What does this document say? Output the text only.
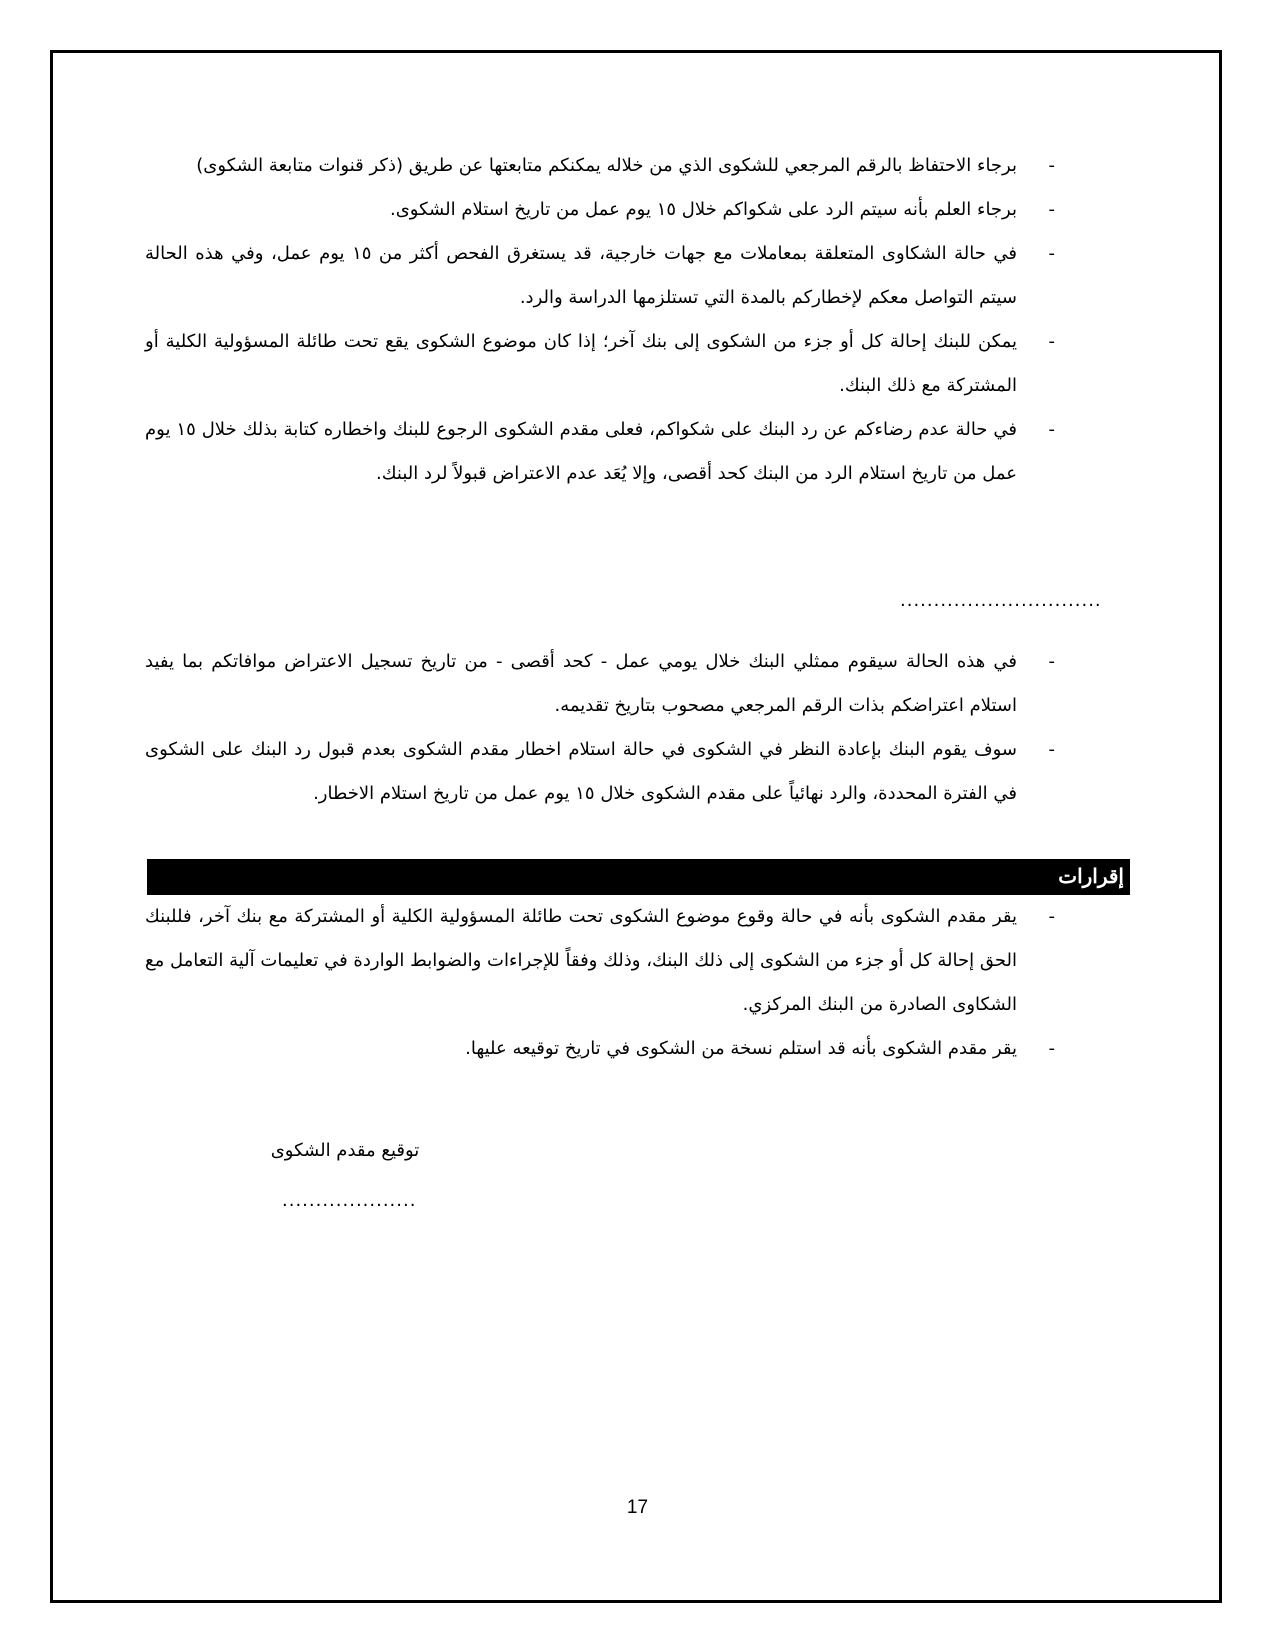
-
برجاء الاحتفاظ بالرقم المرجعي للشكوى الذي من خلاله يمكنكم متابعتها عن طريق (ذكر قنوات متابعة الشكوى)
-
برجاء العلم بأنه سيتم الرد على شكواكم خلال ١٥ يوم عمل من تاريخ استلام الشكوى.
-
في حالة الشكاوى المتعلقة بمعاملات مع جهات خارجية، قد يستغرق الفحص أكثر من ١٥ يوم عمل، وفي هذه الحالة سيتم التواصل معكم لإخطاركم بالمدة التي تستلزمها الدراسة والرد.
-
يمكن للبنك إحالة كل أو جزء من الشكوى إلى بنك آخر؛ إذا كان موضوع الشكوى يقع تحت طائلة المسؤولية الكلية أو المشتركة مع ذلك البنك.
-
في حالة عدم رضاءكم عن رد البنك على شكواكم، فعلى مقدم الشكوى الرجوع للبنك واخطاره كتابة بذلك خلال ١٥ يوم عمل من تاريخ استلام الرد من البنك كحد أقصى، وإلا يُعَد عدم الاعتراض قبولاً لرد البنك.
..............................
-
في هذه الحالة سيقوم ممثلي البنك خلال يومي عمل - كحد أقصى - من تاريخ تسجيل الاعتراض موافاتكم بما يفيد استلام اعتراضكم بذات الرقم المرجعي مصحوب بتاريخ تقديمه.
-
سوف يقوم البنك بإعادة النظر في الشكوى في حالة استلام اخطار مقدم الشكوى بعدم قبول رد البنك على الشكوى في الفترة المحددة، والرد نهائياً على مقدم الشكوى خلال ١٥ يوم عمل من تاريخ استلام الاخطار.
إقرارات
-
يقر مقدم الشكوى بأنه في حالة وقوع موضوع الشكوى تحت طائلة المسؤولية الكلية أو المشتركة مع بنك آخر، فللبنك الحق إحالة كل أو جزء من الشكوى إلى ذلك البنك، وذلك وفقاً للإجراءات والضوابط الواردة في تعليمات آلية التعامل مع الشكاوى الصادرة من البنك المركزي.
-
يقر مقدم الشكوى بأنه قد استلم نسخة من الشكوى في تاريخ توقيعه عليها.
توقيع مقدم الشكوى
....................
17
